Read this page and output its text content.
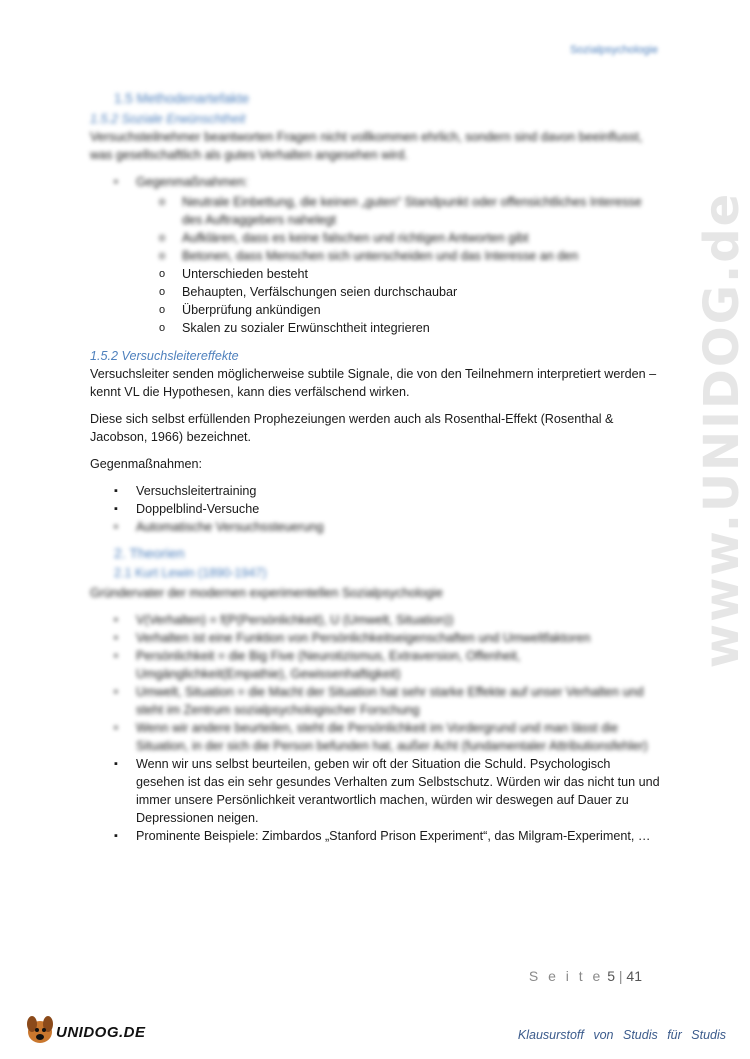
Sozialpsychologie
www.UNIDOG.de
1.5 Methodenartefakte
1.5.2 Soziale Erwünschtheit

Versuchsteilnehmer beantworten Fragen nicht vollkommen ehrlich, sondern sind davon beeinflusst, was gesellschaftlich als gutes Verhalten angesehen wird.

▪ Gegenmaßnahmen:
o Neutrale Einbettung, die keinen „guten“ Standpunkt oder offensichtliches Interesse des Auftraggebers nahelegt
o Aufklären, dass es keine falschen und richtigen Antworten gibt
o Betonen, dass Menschen sich unterscheiden und das Interesse an den
o Unterschieden besteht
o Behaupten, Verfälschungen seien durchschaubar
o Überprüfung ankündigen
o Skalen zu sozialer Erwünschtheit integrieren
1.5.2 Versuchsleitereffekte

Versuchsleiter senden möglicherweise subtile Signale, die von den Teilnehmern interpretiert werden – kennt VL die Hypothesen, kann dies verfälschend wirken.

Diese sich selbst erfüllenden Prophezeiungen werden auch als Rosenthal-Effekt (Rosenthal & Jacobson, 1966) bezeichnet.

Gegenmaßnahmen:

▪ Versuchsleitertraining
▪ Doppelblind-Versuche
▪ Automatische Versuchssteuerung
2. Theorien
2.1 Kurt Lewin (1890-1947)

Gründervater der modernen experimentellen Sozialpsychologie

▪ V(Verhalten) = f(P(Persönlichkeit), U (Umwelt, Situation))
▪ Verhalten ist eine Funktion von Persönlichkeitseigenschaften und Umweltfaktoren
▪ Persönlichkeit = die Big Five (Neurotizismus, Extraversion, Offenheit, Umgänglichkeit(Empathie), Gewissenhaftigkeit)
▪ Umwelt, Situation = die Macht der Situation hat sehr starke Effekte auf unser Verhalten und steht im Zentrum sozialpsychologischer Forschung
▪ Wenn wir andere beurteilen, steht die Persönlichkeit im Vordergrund und man lässt die Situation, in der sich die Person befunden hat, außer Acht (fundamentaler Attributionsfehler)
▪ Wenn wir uns selbst beurteilen, geben wir oft der Situation die Schuld. Psychologisch gesehen ist das ein sehr gesundes Verhalten zum Selbstschutz. Würden wir das nicht tun und immer unsere Persönlichkeit verantwortlich machen, würden wir deswegen auf Dauer zu Depressionen neigen.
▪ Prominente Beispiele: Zimbardos „Stanford Prison Experiment“, das Milgram-Experiment, …
S e i t e 5 | 41
UNIDOG.DE	Klausurstoff von Studis für Studis
